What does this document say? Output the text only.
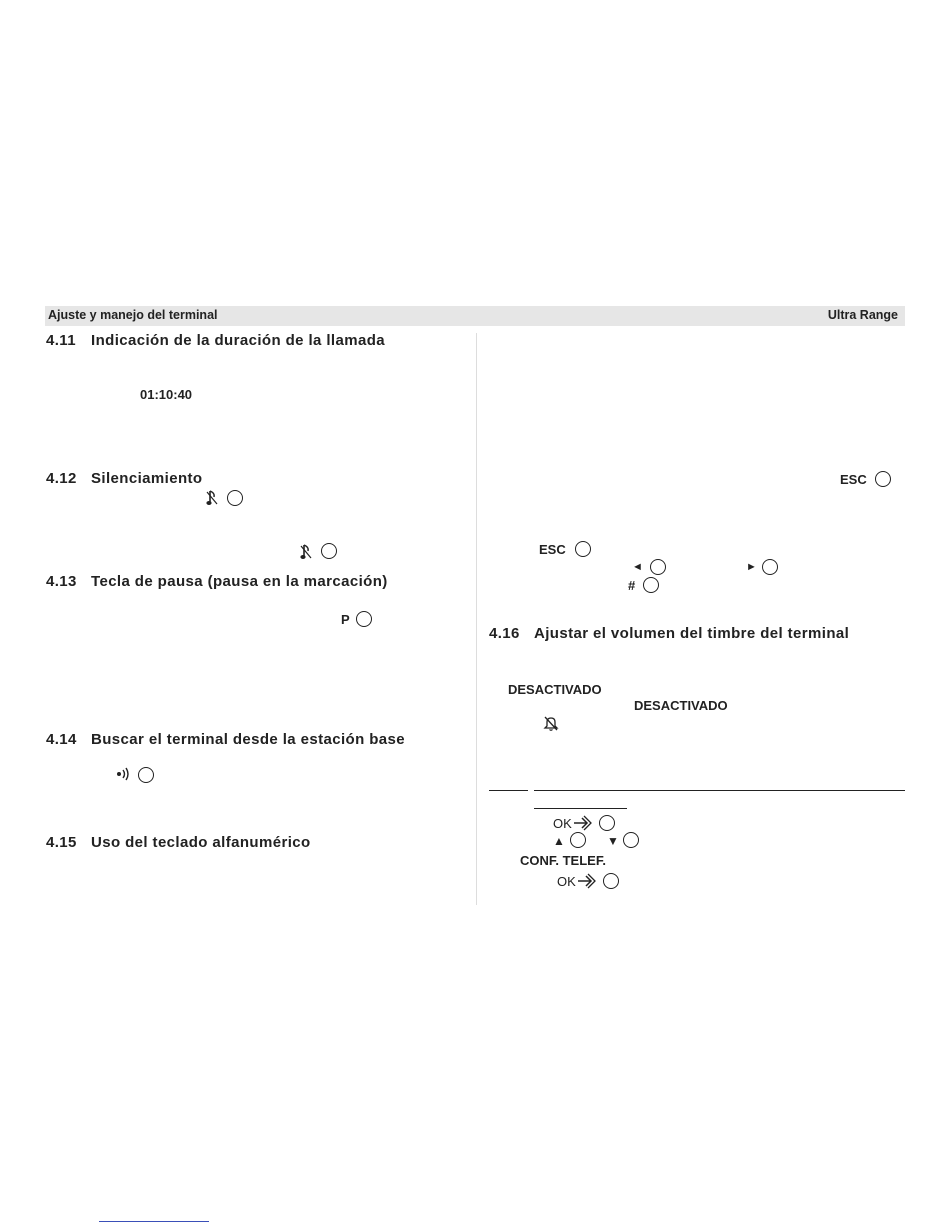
Ajuste y manejo del terminal	Ultra Range
4.11 Indicación de la duración de la llamada
01:10:40
4.12 Silenciamiento
4.13 Tecla de pausa (pausa en la marcación)
P
4.14 Buscar el terminal desde la estación base
4.15 Uso del teclado alfanumérico
ESC
ESC
◄	►
#
4.16 Ajustar el volumen del timbre del terminal
DESACTIVADO
DESACTIVADO
OK
▲	▼
CONF. TELEF.
OK
